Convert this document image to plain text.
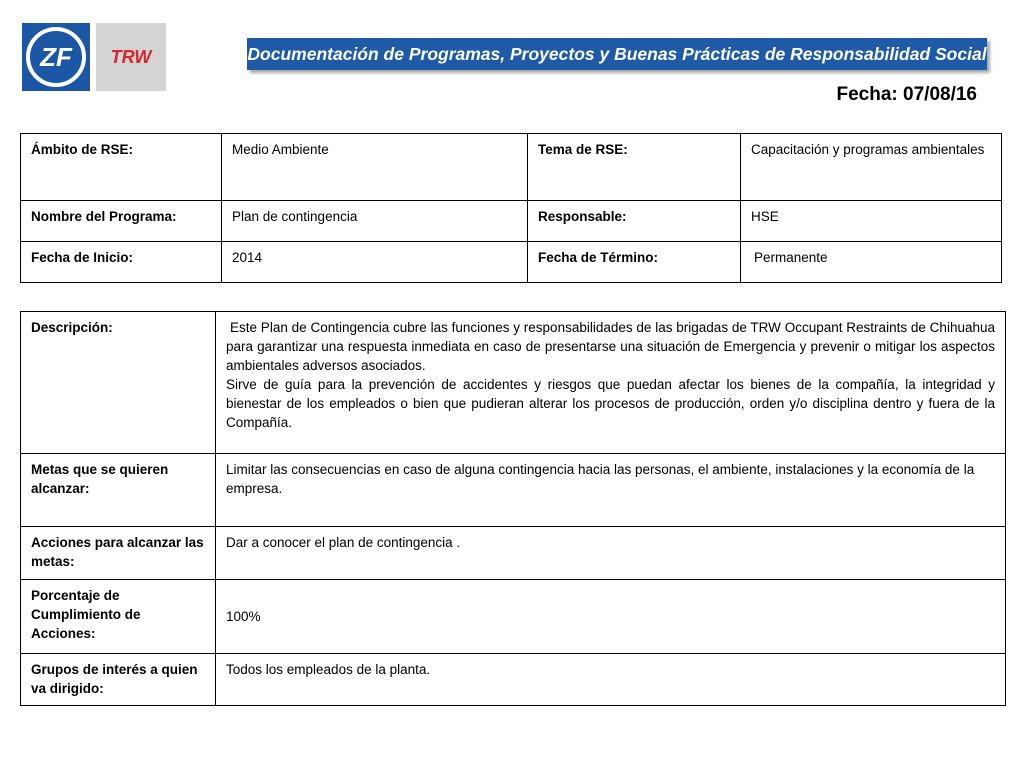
ZF TRW	Documentación de Programas, Proyectos y Buenas Prácticas de Responsabilidad Social
Fecha: 07/08/16
Ámbito de RSE:	Medio Ambiente	Tema de RSE:	Capacitación y programas ambientales
Nombre del Programa:	Plan de contingencia	Responsable:	HSE
Fecha de Inicio:	2014	Fecha de Término:	Permanente
Descripción:	Este Plan de Contingencia cubre las funciones y responsabilidades de las brigadas de TRW Occupant Restraints de Chihuahua para garantizar una respuesta inmediata en caso de presentarse una situación de Emergencia y prevenir o mitigar los aspectos ambientales adversos asociados.
Sirve de guía para la prevención de accidentes y riesgos que puedan afectar los bienes de la compañía, la integridad y bienestar de los empleados o bien que pudieran alterar los procesos de producción, orden y/o disciplina dentro y fuera de la Compañía.

Metas que se quieren alcanzar:	Limitar las consecuencias en caso de alguna contingencia hacia las personas, el ambiente, instalaciones y la economía de la empresa.
Acciones para alcanzar las metas:	Dar a conocer el plan de contingencia .
Porcentaje de Cumplimiento de Acciones:	100%
Grupos de interés a quien va dirigido:	Todos los empleados de la planta.
